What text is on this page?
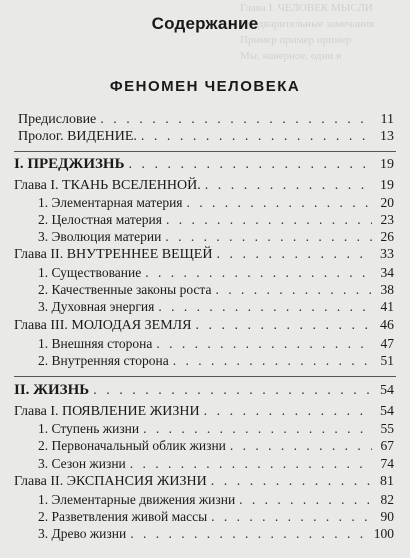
Глава I. ЧЕЛОВЕК МЫСЛИ
Предварительные замечания
Пример пример пример
Мы, наверное, одни в
Содержание
ФЕНОМЕН ЧЕЛОВЕКА
Предисловие . . .	11
Пролог. ВИДЕНИЕ. . . .	13
I. ПРЕДЖИЗНЬ . . .	19
Глава I. ТКАНЬ ВСЕЛЕННОЙ. . . .	19
1. Элементарная материя . . .	20
2. Целостная материя . . .	23
3. Эволюция материи . . .	26
Глава II. ВНУТРЕННЕЕ ВЕЩЕЙ . . .	33
1. Существование . . .	34
2. Качественные законы роста . . .	38
3. Духовная энергия . . .	41
Глава III. МОЛОДАЯ ЗЕМЛЯ . . .	46
1. Внешняя сторона . . .	47
2. Внутренняя сторона . . .	51
II. ЖИЗНЬ . . .	54
Глава I. ПОЯВЛЕНИЕ ЖИЗНИ . . .	54
1. Ступень жизни . . .	55
2. Первоначальный облик жизни . . .	67
3. Сезон жизни . . .	74
Глава II. ЭКСПАНСИЯ ЖИЗНИ . . .	81
1. Элементарные движения жизни . . .	82
2. Разветвления живой массы . . .	90
3. Древо жизни . . .	100
